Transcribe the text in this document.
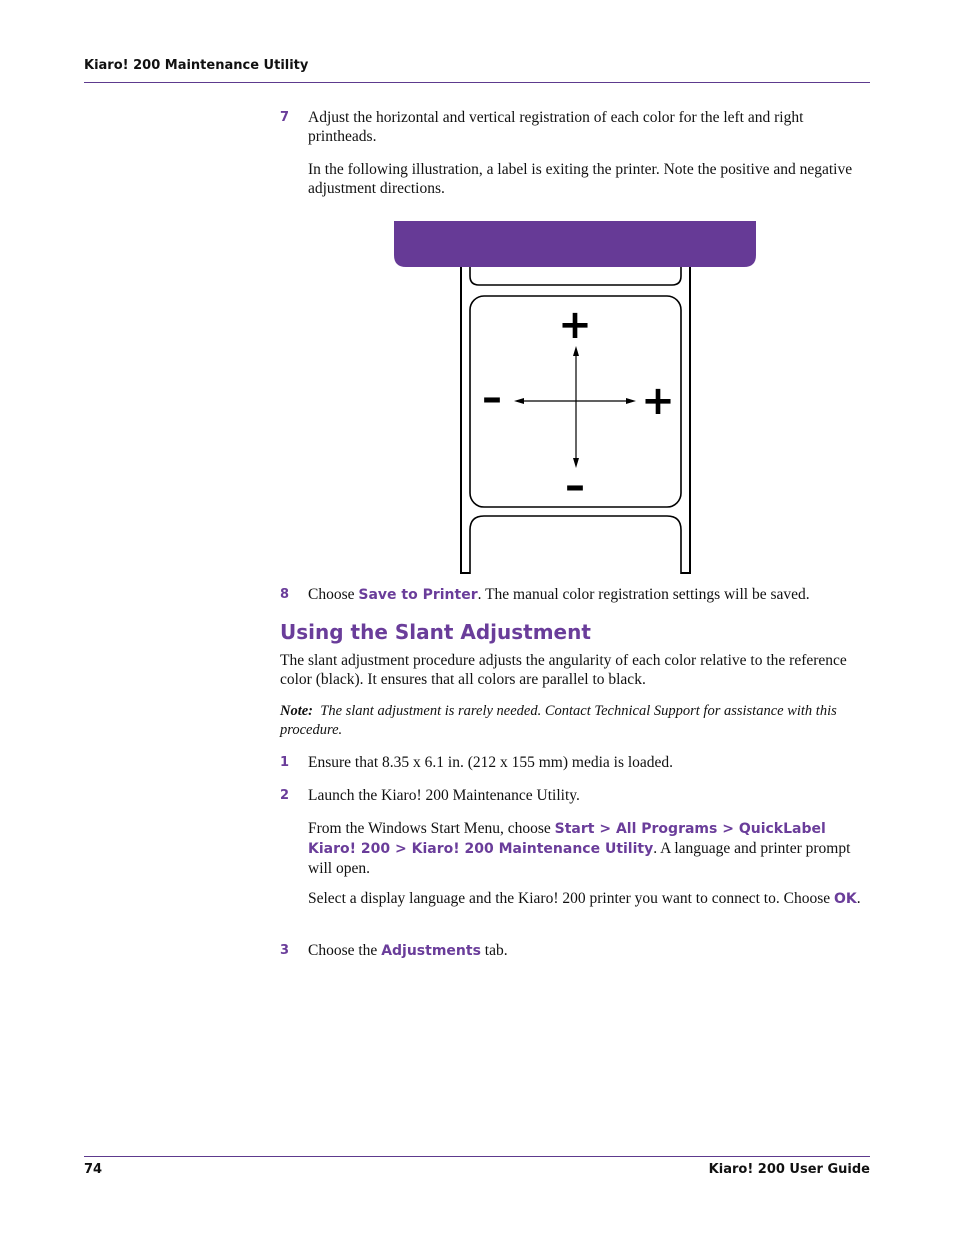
Kiaro! 200 Maintenance Utility
7 Adjust the horizontal and vertical registration of each color for the left and right printheads.
In the following illustration, a label is exiting the printer. Note the positive and negative adjustment directions.
+
+
–
–
8 Choose Save to Printer. The manual color registration settings will be saved.
Using the Slant Adjustment
The slant adjustment procedure adjusts the angularity of each color relative to the reference color (black). It ensures that all colors are parallel to black.
Note: The slant adjustment is rarely needed. Contact Technical Support for assistance with this procedure.
1 Ensure that 8.35 x 6.1 in. (212 x 155 mm) media is loaded.
2 Launch the Kiaro! 200 Maintenance Utility.
From the Windows Start Menu, choose Start > All Programs > QuickLabel Kiaro! 200 > Kiaro! 200 Maintenance Utility. A language and printer prompt will open.
Select a display language and the Kiaro! 200 printer you want to connect to. Choose OK.
3 Choose the Adjustments tab.
74	Kiaro! 200 User Guide
